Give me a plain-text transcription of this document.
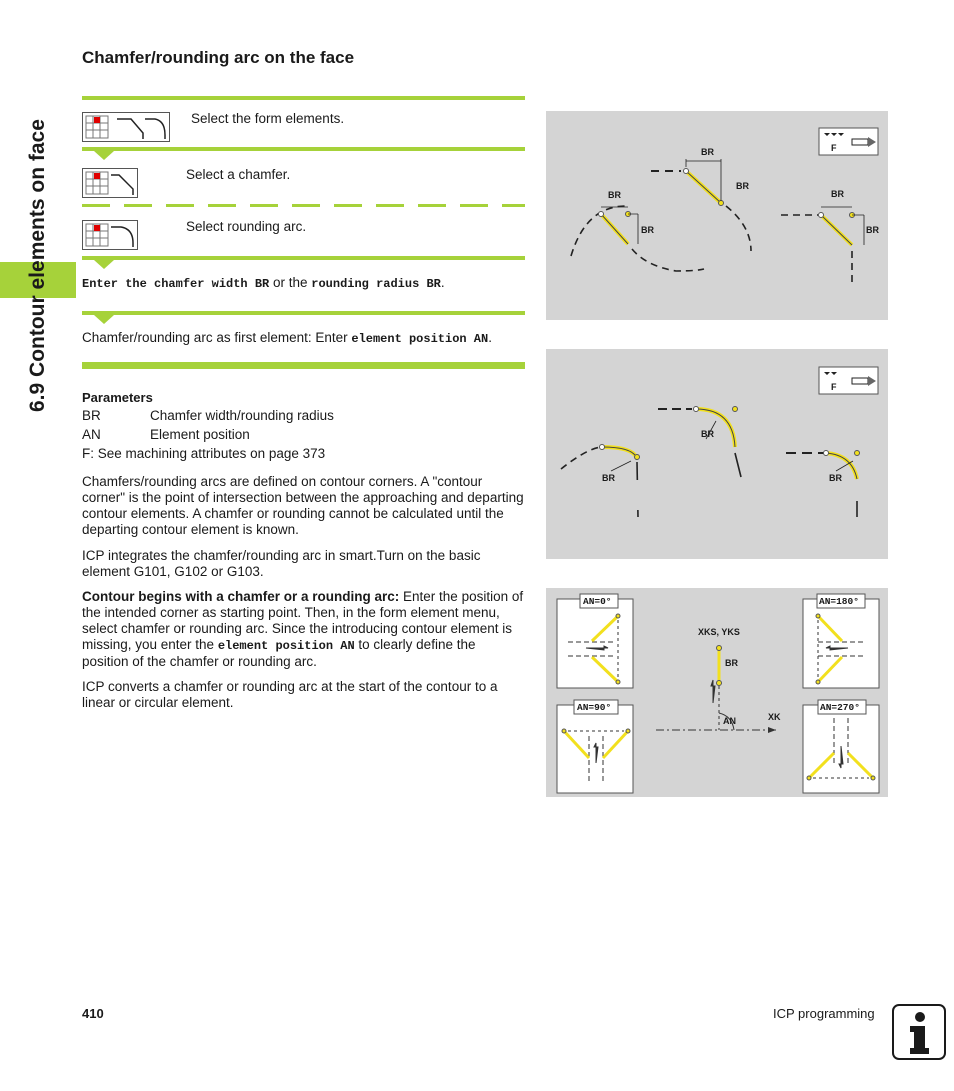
6.9 Contour elements on face
Chamfer/rounding arc on the face
Select the form elements.
Select a chamfer.
Select rounding arc.
Enter the chamfer width BR or the rounding radius BR.
Chamfer/rounding arc as first element: Enter element position AN.
Parameters
BR	Chamfer width/rounding radius
AN	Element position
F: See machining attributes on page 373
Chamfers/rounding arcs are defined on contour corners. A "contour corner" is the point of intersection between the approaching and departing contour elements. A chamfer or rounding cannot be calculated until the departing contour element is known.
ICP integrates the chamfer/rounding arc in smart.Turn on the basic element G101, G102 or G103.
Contour begins with a chamfer or a rounding arc: Enter the position of the intended corner as starting point. Then, in the form element menu, select chamfer or rounding arc. Since the introducing contour element is missing, you enter the element position AN to clearly define the position of the chamfer or rounding arc.
ICP converts a chamfer or rounding arc at the start of the contour to a linear or circular element.
F
BR
BR
BR
BR
BR
BR
F
BR
BR	BR
AN=0°	AN=180°
AN=90°	AN=270°
XKS, YKS
XK
BR
AN
410	ICP programming
